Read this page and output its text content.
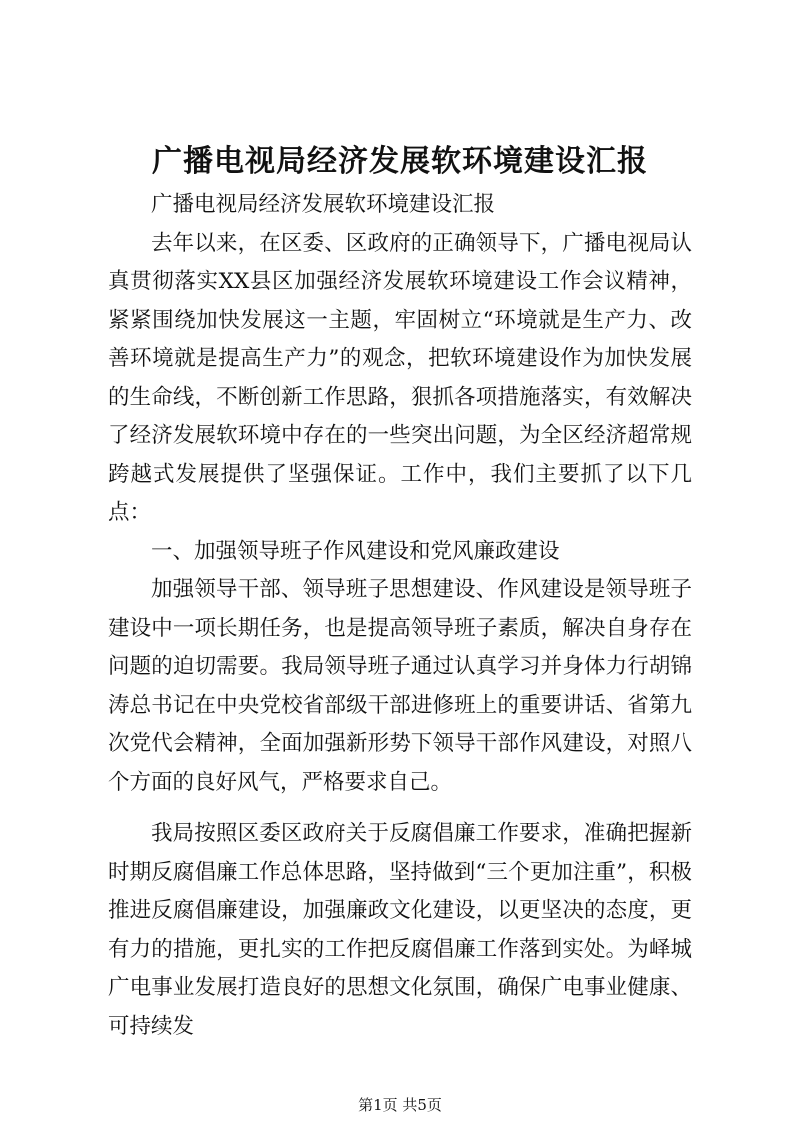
广播电视局经济发展软环境建设汇报

广播电视局经济发展软环境建设汇报

去年以来，在区委、区政府的正确领导下，广播电视局认真贯彻落实XX县区加强经济发展软环境建设工作会议精神，紧紧围绕加快发展这一主题，牢固树立“环境就是生产力、改善环境就是提高生产力”的观念，把软环境建设作为加快发展的生命线，不断创新工作思路，狠抓各项措施落实，有效解决了经济发展软环境中存在的一些突出问题，为全区经济超常规跨越式发展提供了坚强保证。工作中，我们主要抓了以下几点：

一、加强领导班子作风建设和党风廉政建设

加强领导干部、领导班子思想建设、作风建设是领导班子建设中一项长期任务，也是提高领导班子素质，解决自身存在问题的迫切需要。我局领导班子通过认真学习并身体力行胡锦涛总书记在中央党校省部级干部进修班上的重要讲话、省第九次党代会精神，全面加强新形势下领导干部作风建设，对照八个方面的良好风气，严格要求自己。

我局按照区委区政府关于反腐倡廉工作要求，准确把握新时期反腐倡廉工作总体思路，坚持做到“三个更加注重”，积极推进反腐倡廉建设，加强廉政文化建设，以更坚决的态度，更有力的措施，更扎实的工作把反腐倡廉工作落到实处。为峄城广电事业发展打造良好的思想文化氛围，确保广电事业健康、可持续发

第1页 共5页
